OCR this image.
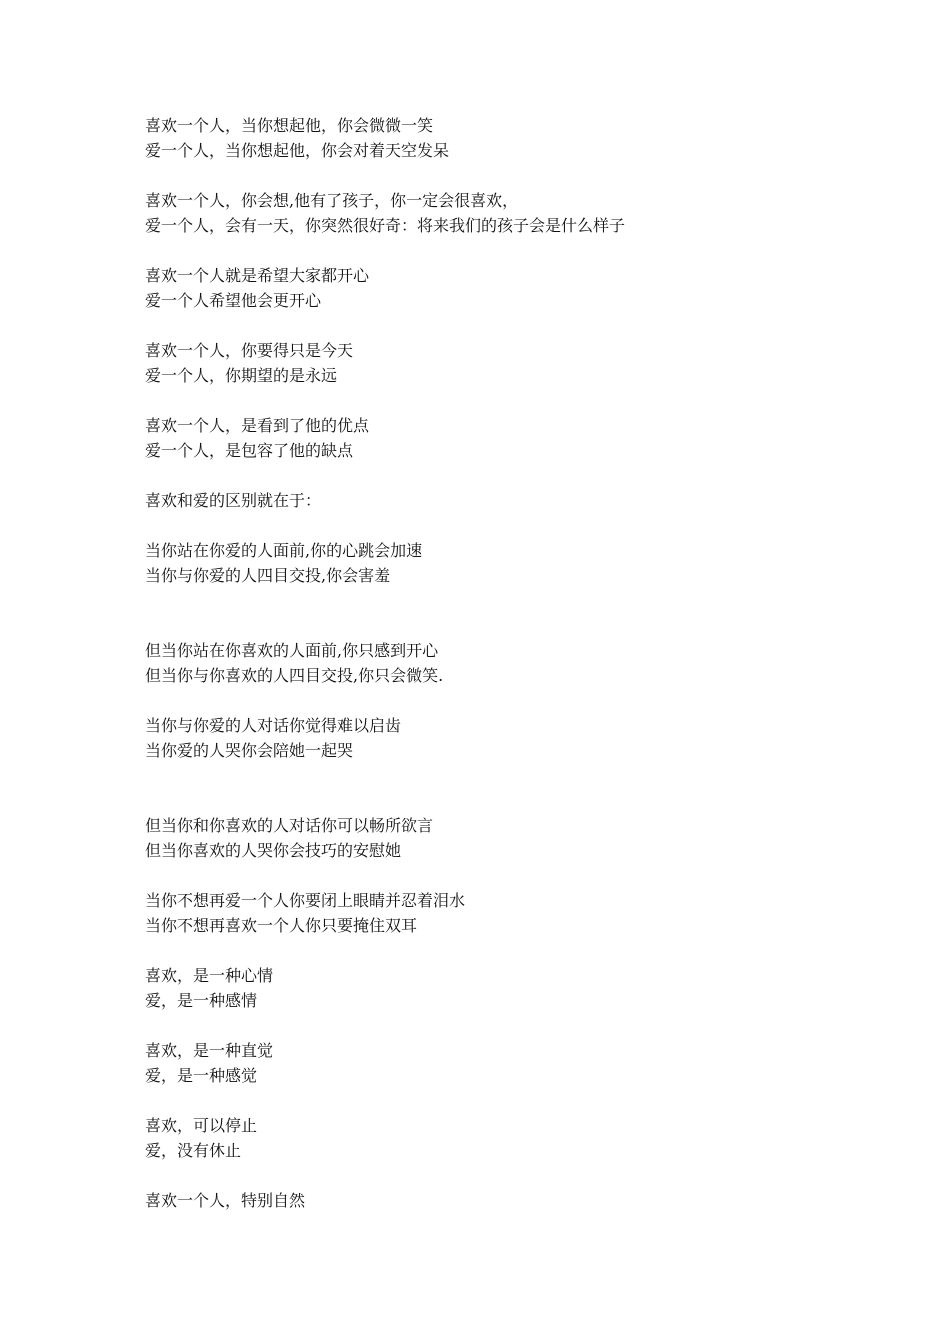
喜欢一个人，当你想起他，你会微微一笑
爱一个人，当你想起他，你会对着天空发呆
喜欢一个人，你会想,他有了孩子，你一定会很喜欢，
爱一个人，会有一天，你突然很好奇：将来我们的孩子会是什么样子
喜欢一个人就是希望大家都开心
爱一个人希望他会更开心
喜欢一个人，你要得只是今天
爱一个人，你期望的是永远
喜欢一个人，是看到了他的优点
爱一个人，是包容了他的缺点
喜欢和爱的区别就在于：
当你站在你爱的人面前,你的心跳会加速
当你与你爱的人四目交投,你会害羞
但当你站在你喜欢的人面前,你只感到开心
但当你与你喜欢的人四目交投,你只会微笑.
当你与你爱的人对话你觉得难以启齿
当你爱的人哭你会陪她一起哭
但当你和你喜欢的人对话你可以畅所欲言
但当你喜欢的人哭你会技巧的安慰她
当你不想再爱一个人你要闭上眼睛并忍着泪水
当你不想再喜欢一个人你只要掩住双耳
喜欢，是一种心情
爱，是一种感情
喜欢，是一种直觉
爱，是一种感觉
喜欢，可以停止
爱，没有休止
喜欢一个人，特别自然
